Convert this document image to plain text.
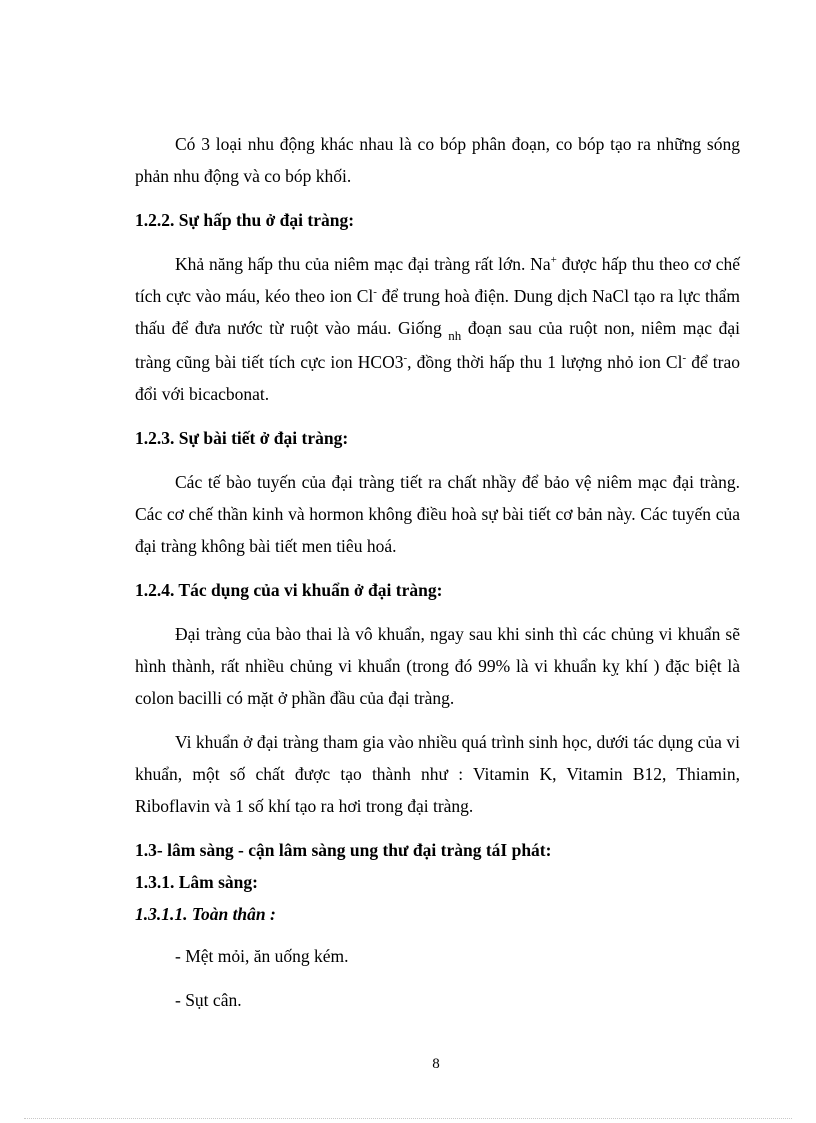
Có 3 loại nhu động khác nhau là co bóp phân đoạn, co bóp tạo ra những sóng phản nhu động và co bóp khối.

1.2.2. Sự hấp thu ở đại tràng:

Khả năng hấp thu của niêm mạc đại tràng rất lớn. Na+ được hấp thu theo cơ chế tích cực vào máu, kéo theo ion Cl- để trung hoà điện. Dung dịch NaCl tạo ra lực thẩm thấu để đưa nước từ ruột vào máu. Giống $_{nh}$ đoạn sau của ruột non, niêm mạc đại tràng cũng bài tiết tích cực ion HCO3-, đồng thời hấp thu 1 lượng nhỏ ion Cl- để trao đổi với bicacbonat.

1.2.3. Sự bài tiết ở đại tràng:

Các tế bào tuyến của đại tràng tiết ra chất nhầy để bảo vệ niêm mạc đại tràng. Các cơ chế thần kinh và hormon không điều hoà sự bài tiết cơ bản này. Các tuyến của đại tràng không bài tiết men tiêu hoá.

1.2.4. Tác dụng của vi khuẩn ở đại tràng:

Đại tràng của bào thai là vô khuẩn, ngay sau khi sinh thì các chủng vi khuẩn sẽ hình thành, rất nhiều chủng vi khuẩn (trong đó 99% là vi khuẩn kỵ khí ) đặc biệt là colon bacilli có mặt ở phần đầu của đại tràng.

Vi khuẩn ở đại tràng tham gia vào nhiều quá trình sinh học, dưới tác dụng của vi khuẩn, một số chất được tạo thành như : Vitamin K, Vitamin B12, Thiamin, Riboflavin và 1 số khí tạo ra hơi trong đại tràng.

1.3- lâm sàng - cận lâm sàng ung thư đại tràng táI phát:

1.3.1. Lâm sàng:

1.3.1.1. Toàn thân :

- Mệt mỏi, ăn uống kém.

- Sụt cân.

8
